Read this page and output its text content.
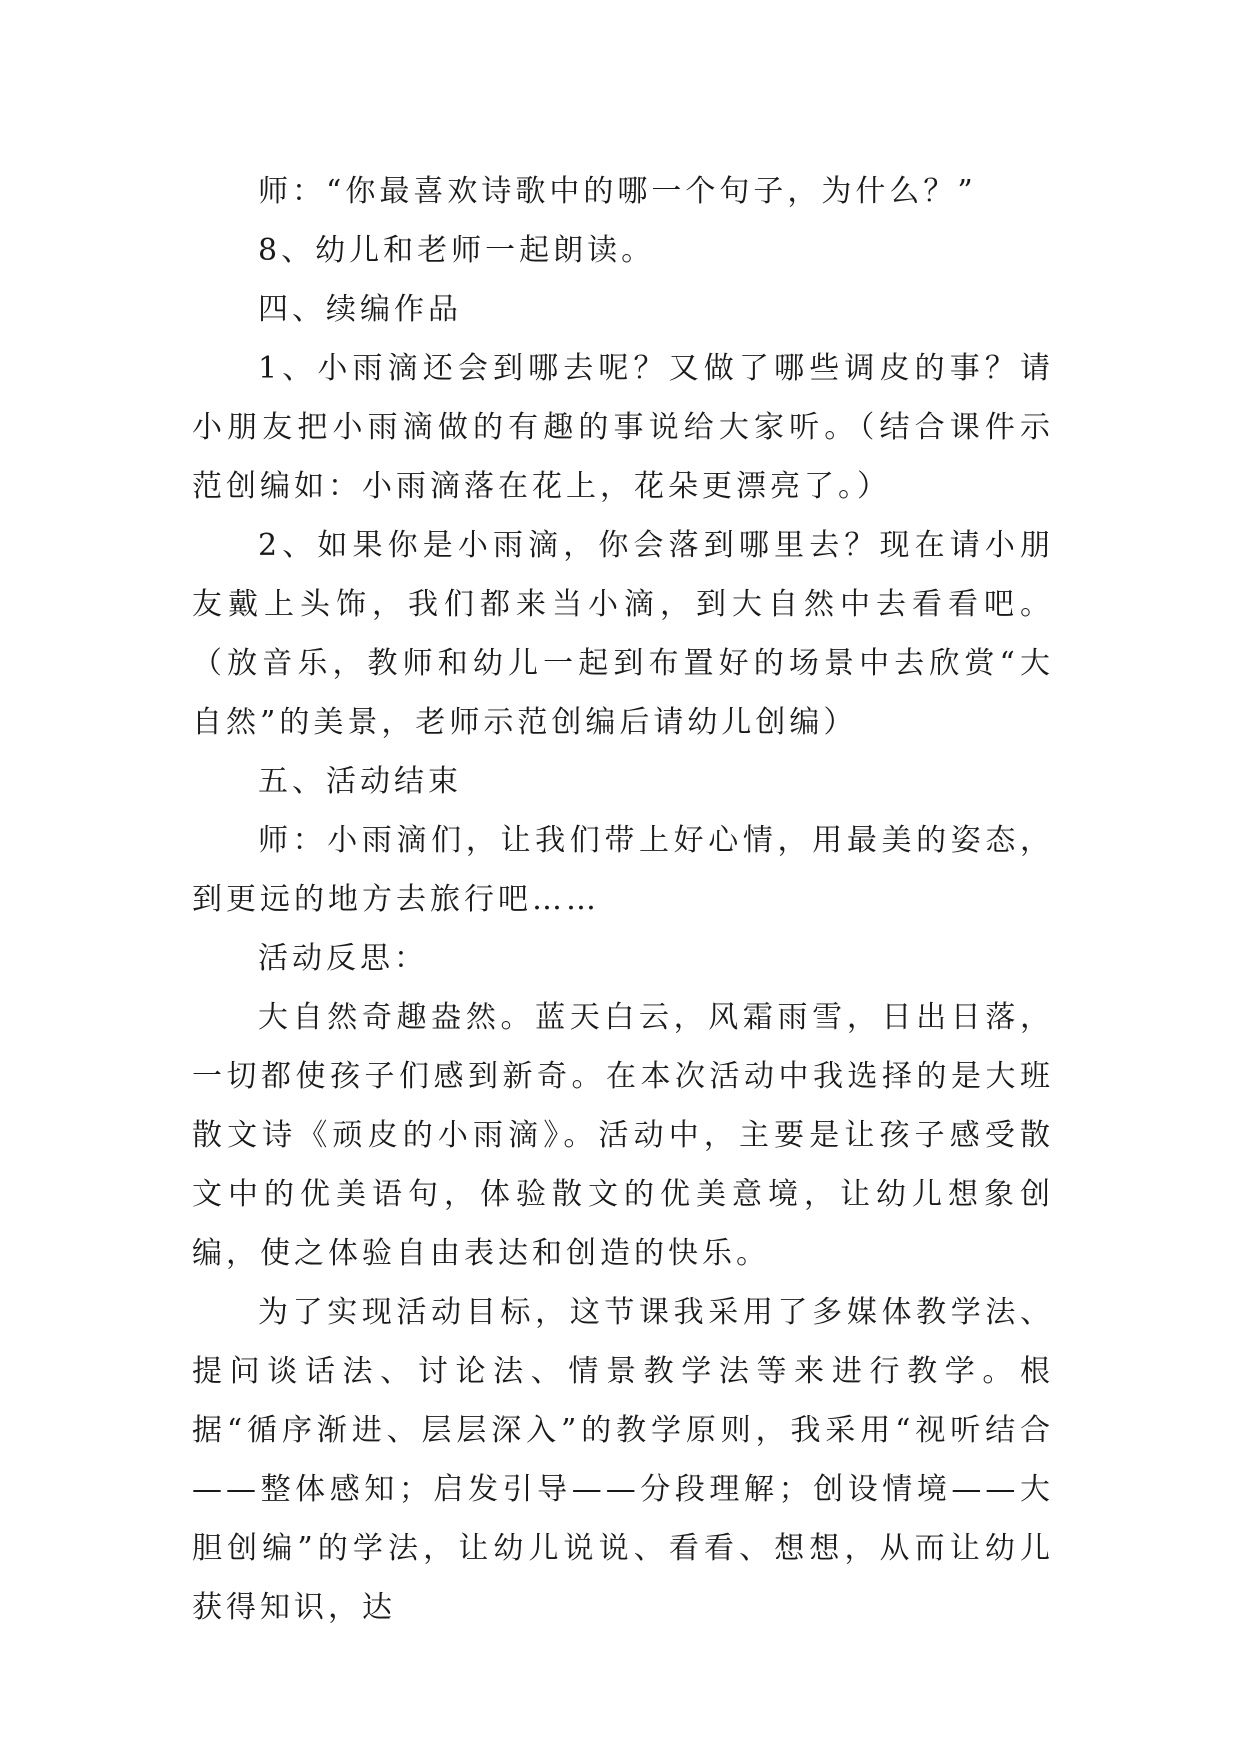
师：“你最喜欢诗歌中的哪一个句子，为什么？”

8、幼儿和老师一起朗读。

四、续编作品

1、小雨滴还会到哪去呢？又做了哪些调皮的事？请小朋友把小雨滴做的有趣的事说给大家听。（结合课件示范创编如：小雨滴落在花上，花朵更漂亮了。）

2、如果你是小雨滴，你会落到哪里去？现在请小朋友戴上头饰，我们都来当小滴，到大自然中去看看吧。（放音乐，教师和幼儿一起到布置好的场景中去欣赏“大自然”的美景，老师示范创编后请幼儿创编）

五、活动结束

师：小雨滴们，让我们带上好心情，用最美的姿态，到更远的地方去旅行吧……

活动反思：

大自然奇趣盎然。蓝天白云，风霜雨雪，日出日落，一切都使孩子们感到新奇。在本次活动中我选择的是大班散文诗《顽皮的小雨滴》。活动中，主要是让孩子感受散文中的优美语句，体验散文的优美意境，让幼儿想象创编，使之体验自由表达和创造的快乐。

为了实现活动目标，这节课我采用了多媒体教学法、提问谈话法、讨论法、情景教学法等来进行教学。根据“循序渐进、层层深入”的教学原则，我采用“视听结合——整体感知；启发引导——分段理解；创设情境——大胆创编”的学法，让幼儿说说、看看、想想，从而让幼儿获得知识，达
